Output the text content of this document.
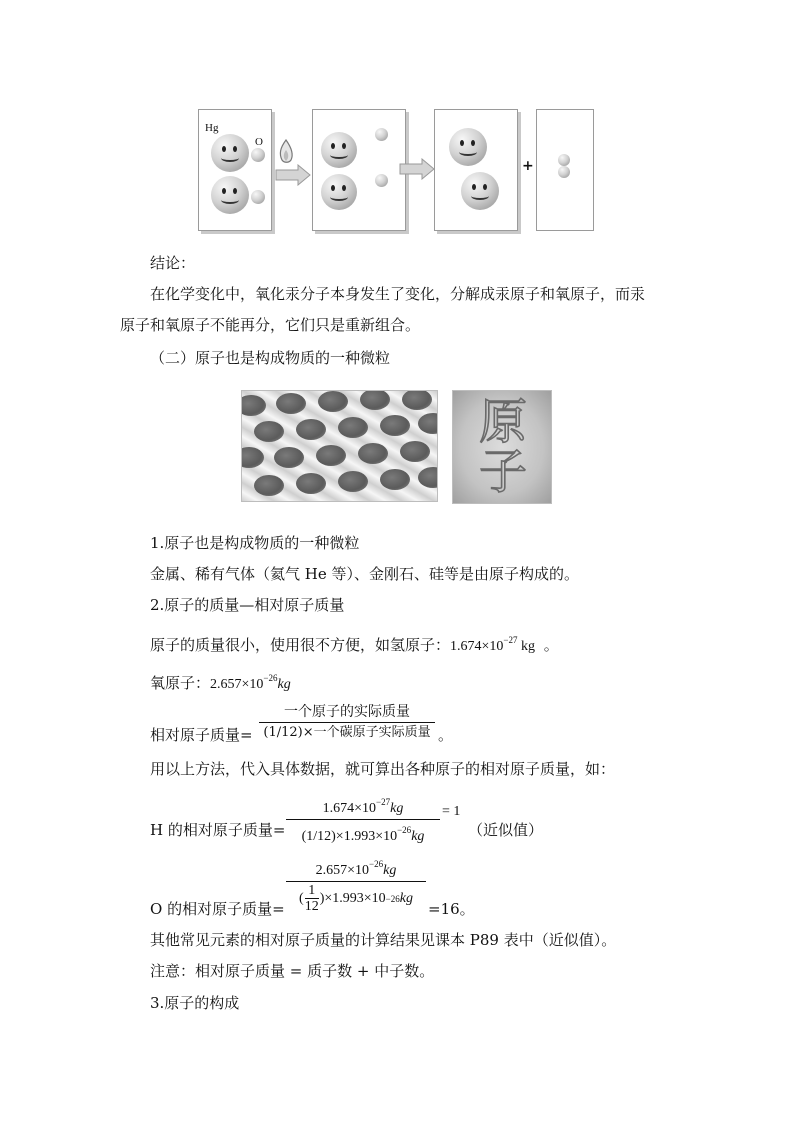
Hg
O
+
结论：
在化学变化中，氧化汞分子本身发生了变化，分解成汞原子和氧原子，而汞
原子和氧原子不能再分，它们只是重新组合。
（二）原子也是构成物质的一种微粒
原子
1.原子也是构成物质的一种微粒
金属、稀有气体（氦气 He 等）、金刚石、硅等是由原子构成的。
2.原子的质量—相对原子质量
原子的质量很小，使用很不方便，如氢原子：$1.674\times 10^{-27}$ kg 。
氧原子：$2.657\times 10^{-26}kg$
相对原子质量=
一个原子的实际质量
(1/12)×一个碳原子实际质量 。
用以上方法，代入具体数据，就可算出各种原子的相对原子质量，如：
H 的相对原子质量=
$1.674\times 10^{-27}kg$
$(1/12)\times 1.993\times 10^{-26}kg$
= 1
（近似值）
O 的相对原子质量=
$2.657\times 10^{-26}kg$
( 1
12
) ×1.993×10 −26 kg
=16。
其他常见元素的相对原子质量的计算结果见课本 P89 表中（近似值）。
注意：相对原子质量 = 质子数 + 中子数。
3.原子的构成
